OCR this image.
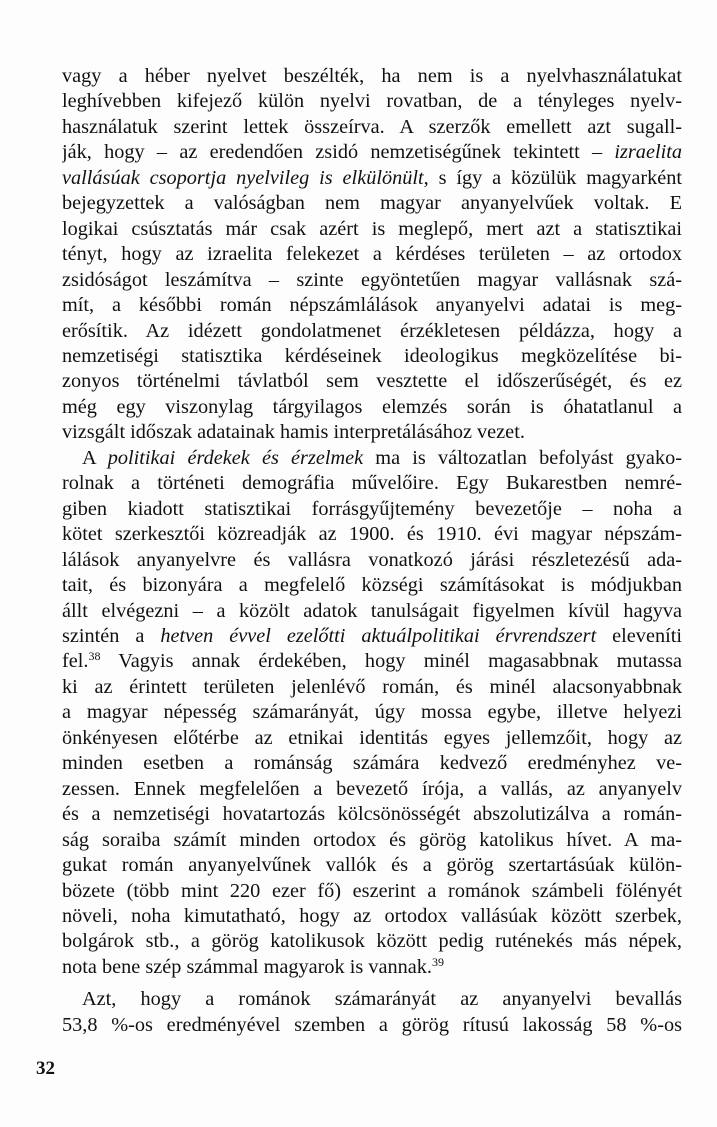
vagy a héber nyelvet beszélték, ha nem is a nyelvhasználatukat
leghívebben kifejező külön nyelvi rovatban, de a tényleges nyelv-
használatuk szerint lettek összeírva. A szerzők emellett azt sugall-
ják, hogy – az eredendően zsidó nemzetiségűnek tekintett – izraelita
vallásúak csoportja nyelvileg is elkülönült, s így a közülük magyarként
bejegyzettek a valóságban nem magyar anyanyelvűek voltak. E
logikai csúsztatás már csak azért is meglepő, mert azt a statisztikai
tényt, hogy az izraelita felekezet a kérdéses területen – az ortodox
zsidóságot leszámítva – szinte egyöntetűen magyar vallásnak szá-
mít, a későbbi román népszámlálások anyanyelvi adatai is meg-
erősítik. Az idézett gondolatmenet érzékletesen példázza, hogy a
nemzetiségi statisztika kérdéseinek ideologikus megközelítése bi-
zonyos történelmi távlatból sem vesztette el időszerűségét, és ez
még egy viszonylag tárgyilagos elemzés során is óhatatlanul a
vizsgált időszak adatainak hamis interpretálásához vezet.

A politikai érdekek és érzelmek ma is változatlan befolyást gyako-
rolnak a történeti demográfia művelőire. Egy Bukarestben nemré-
giben kiadott statisztikai forrásgyűjtemény bevezetője – noha a
kötet szerkesztői közreadják az 1900. és 1910. évi magyar népszám-
lálások anyanyelvre és vallásra vonatkozó járási részletezésű ada-
tait, és bizonyára a megfelelő községi számításokat is módjukban
állt elvégezni – a közölt adatok tanulságait figyelmen kívül hagyva
szintén a hetven évvel ezelőtti aktuálpolitikai érvrendszert eleveníti
fel.$^{38}$ Vagyis annak érdekében, hogy minél magasabbnak mutassa
ki az érintett területen jelenlévő román, és minél alacsonyabbnak
a magyar népesség számarányát, úgy mossa egybe, illetve helyezi
önkényesen előtérbe az etnikai identitás egyes jellemzőit, hogy az
minden esetben a románság számára kedvező eredményhez ve-
zessen. Ennek megfelelően a bevezető írója, a vallás, az anyanyelv
és a nemzetiségi hovatartozás kölcsönösségét abszolutizálva a román-
ság soraiba számít minden ortodox és görög katolikus hívet. A ma-
gukat román anyanyelvűnek vallók és a görög szertartásúak külön-
bözete (több mint 220 ezer fő) eszerint a románok számbeli fölényét
növeli, noha kimutatható, hogy az ortodox vallásúak között szerbek,
bolgárok stb., a görög katolikusok között pedig ruténekés más népek,
nota bene szép számmal magyarok is vannak.$^{39}$

Azt, hogy a románok számarányát az anyanyelvi bevallás
53,8 %-os eredményével szemben a görög rítusú lakosság 58 %-os

32
